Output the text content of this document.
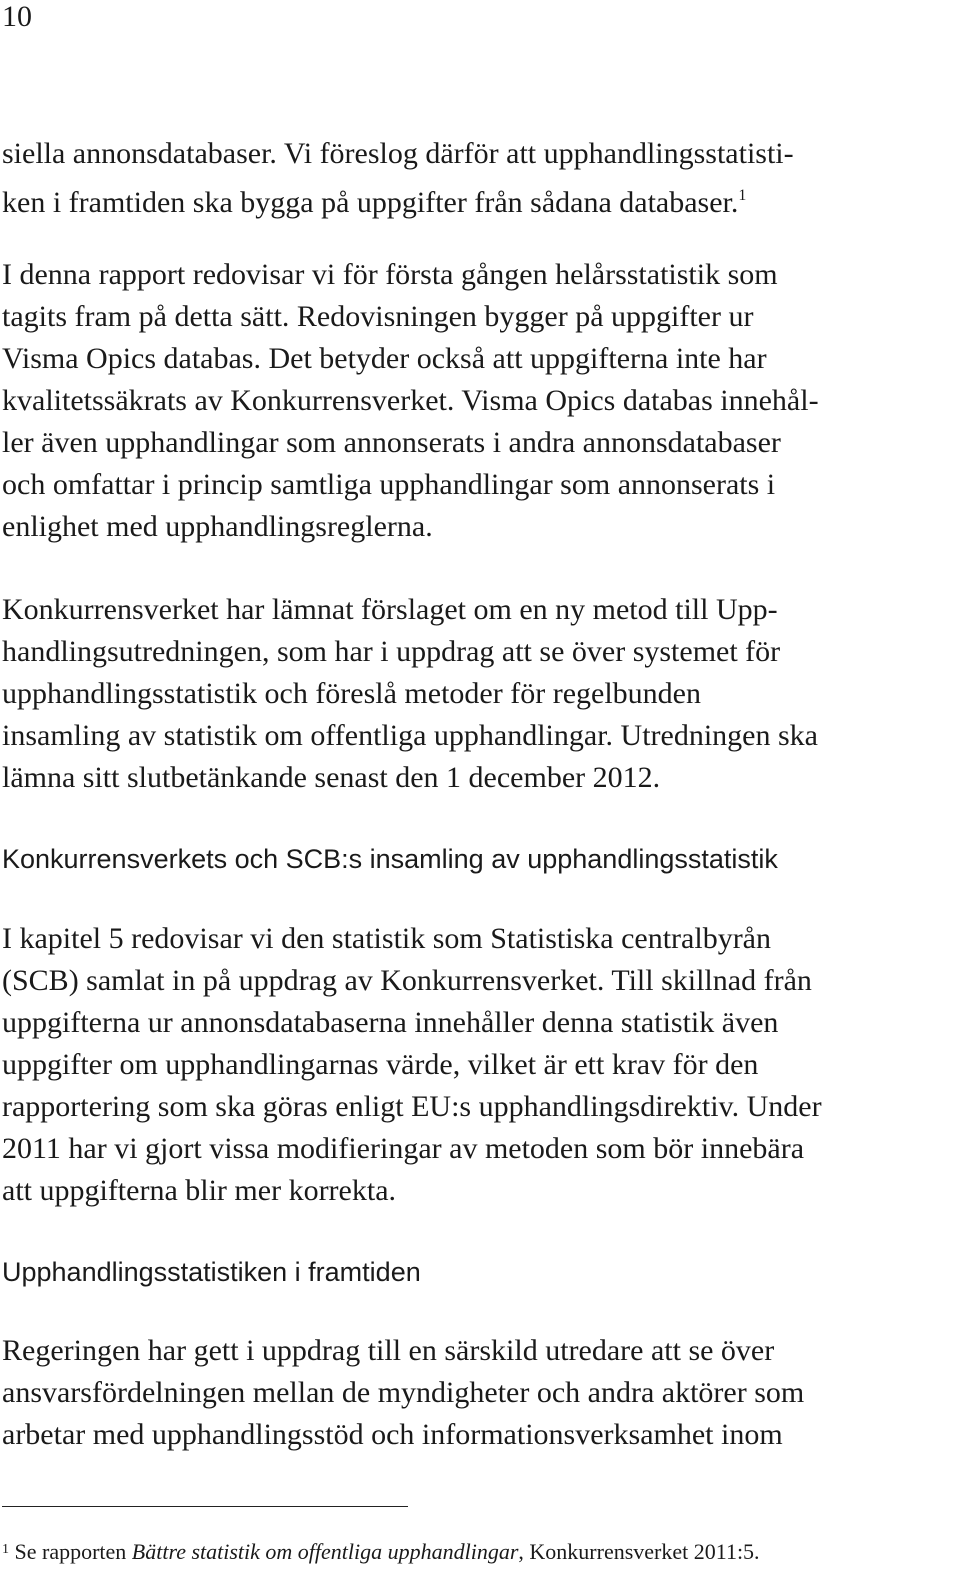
10
siella annonsdatabaser. Vi föreslog därför att upphandlingsstatisti-
ken i framtiden ska bygga på uppgifter från sådana databaser.$^1$
I denna rapport redovisar vi för första gången helårsstatistik som
tagits fram på detta sätt. Redovisningen bygger på uppgifter ur
Visma Opics databas. Det betyder också att uppgifterna inte har
kvalitetssäkrats av Konkurrensverket. Visma Opics databas innehål-
ler även upphandlingar som annonserats i andra annonsdatabaser
och omfattar i princip samtliga upphandlingar som annonserats i
enlighet med upphandlingsreglerna.
Konkurrensverket har lämnat förslaget om en ny metod till Upp-
handlingsutredningen, som har i uppdrag att se över systemet för
upphandlingsstatistik och föreslå metoder för regelbunden
insamling av statistik om offentliga upphandlingar. Utredningen ska
lämna sitt slutbetänkande senast den 1 december 2012.
Konkurrensverkets och SCB:s insamling av upphandlingsstatistik
I kapitel 5 redovisar vi den statistik som Statistiska centralbyrån
(SCB) samlat in på uppdrag av Konkurrensverket. Till skillnad från
uppgifterna ur annonsdatabaserna innehåller denna statistik även
uppgifter om upphandlingarnas värde, vilket är ett krav för den
rapportering som ska göras enligt EU:s upphandlingsdirektiv. Under
2011 har vi gjort vissa modifieringar av metoden som bör innebära
att uppgifterna blir mer korrekta.
Upphandlingsstatistiken i framtiden
Regeringen har gett i uppdrag till en särskild utredare att se över
ansvarsfördelningen mellan de myndigheter och andra aktörer som
arbetar med upphandlingsstöd och informationsverksamhet inom
$^1$ Se rapporten Bättre statistik om offentliga upphandlingar, Konkurrensverket 2011:5.
